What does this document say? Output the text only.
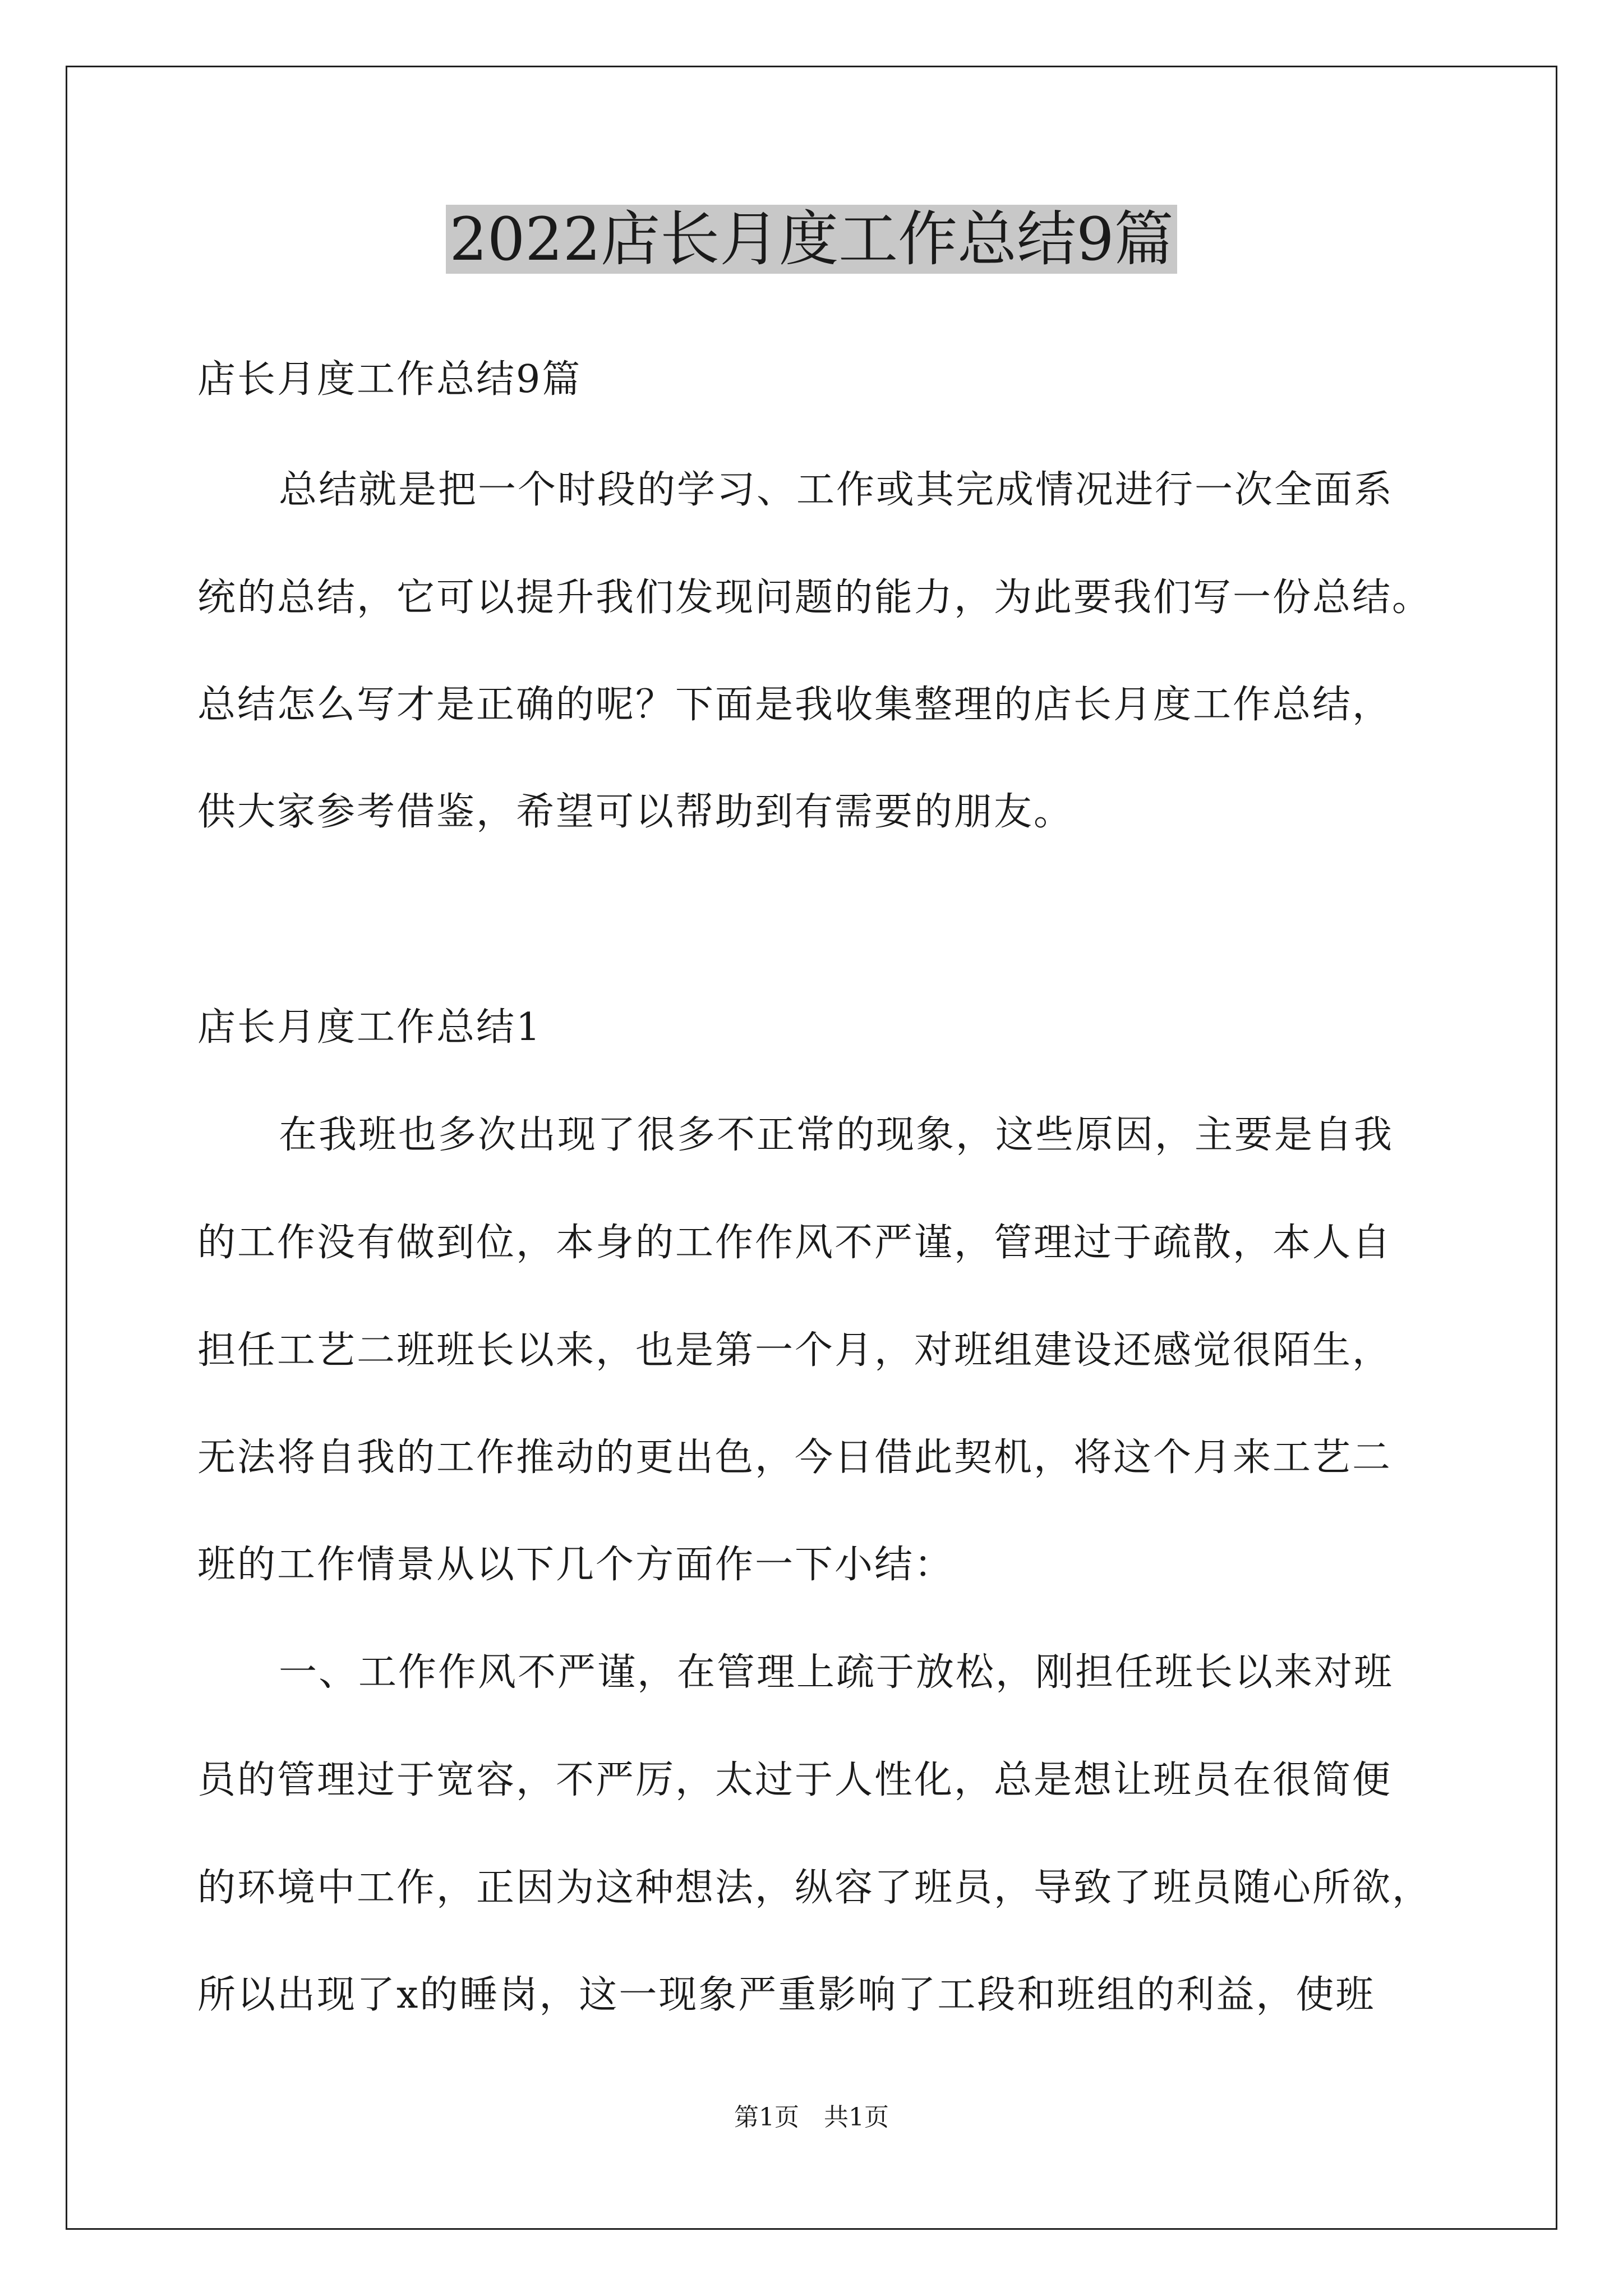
2022店长月度工作总结9篇
店长月度工作总结9篇
总结就是把一个时段的学习、工作或其完成情况进行一次全面系
统的总结，它可以提升我们发现问题的能力，为此要我们写一份总结。
总结怎么写才是正确的呢？下面是我收集整理的店长月度工作总结，
供大家参考借鉴，希望可以帮助到有需要的朋友。
店长月度工作总结1
在我班也多次出现了很多不正常的现象，这些原因，主要是自我
的工作没有做到位，本身的工作作风不严谨，管理过于疏散，本人自
担任工艺二班班长以来，也是第一个月，对班组建设还感觉很陌生，
无法将自我的工作推动的更出色，今日借此契机，将这个月来工艺二
班的工作情景从以下几个方面作一下小结：
一、工作作风不严谨，在管理上疏于放松，刚担任班长以来对班
员的管理过于宽容，不严厉，太过于人性化，总是想让班员在很简便
的环境中工作，正因为这种想法，纵容了班员，导致了班员随心所欲，
所以出现了x的睡岗，这一现象严重影响了工段和班组的利益，使班
第1页　共1页
